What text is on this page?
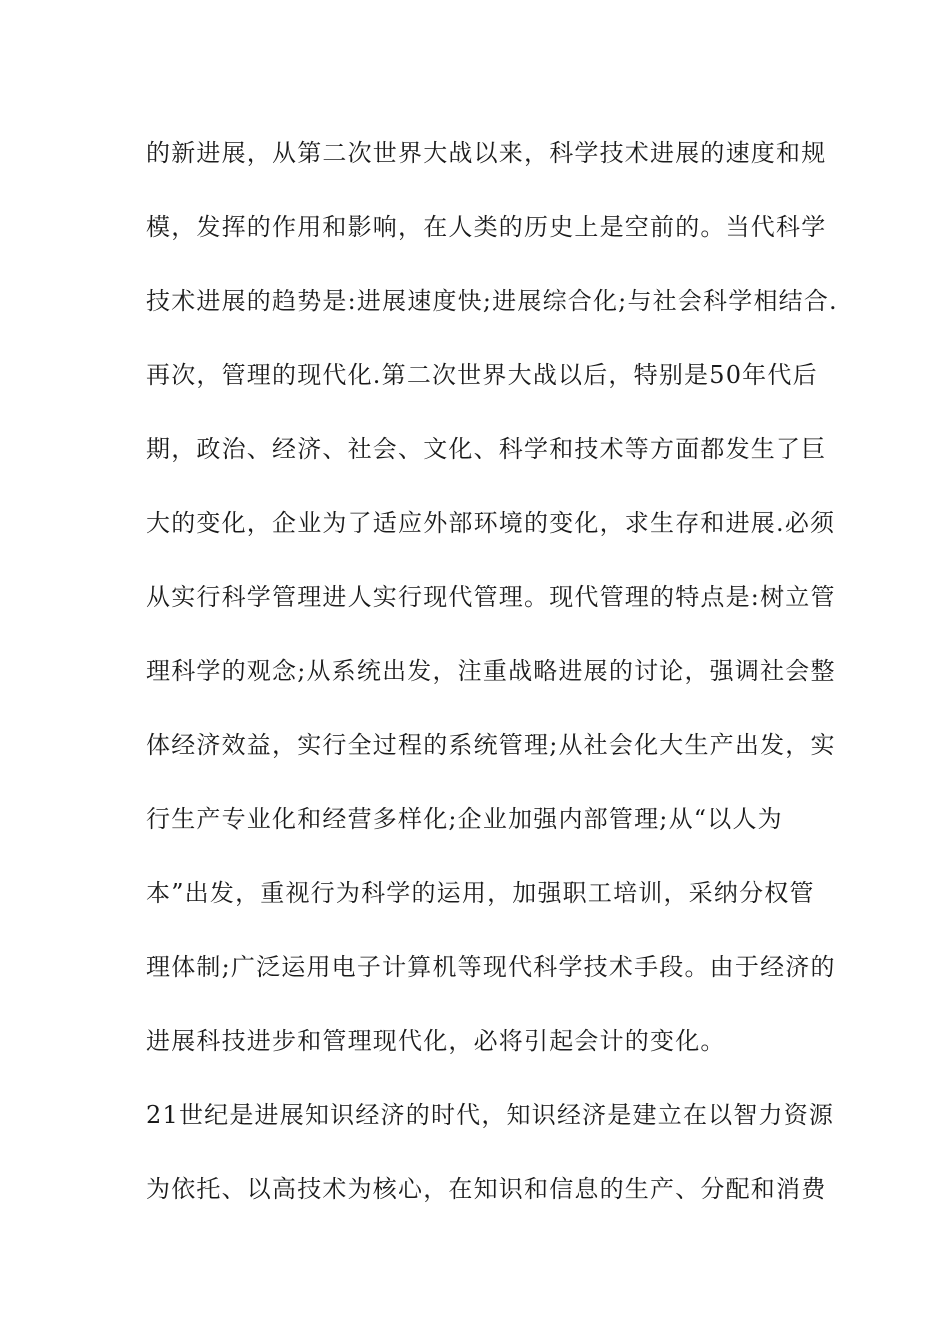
的新进展，从第二次世界大战以来，科学技术进展的速度和规
模，发挥的作用和影响，在人类的历史上是空前的。当代科学
技术进展的趋势是:进展速度快;进展综合化;与社会科学相结合.
再次，管理的现代化.第二次世界大战以后，特别是50年代后
期，政治、经济、社会、文化、科学和技术等方面都发生了巨
大的变化，企业为了适应外部环境的变化，求生存和进展.必须
从实行科学管理进人实行现代管理。现代管理的特点是:树立管
理科学的观念;从系统出发，注重战略进展的讨论，强调社会整
体经济效益，实行全过程的系统管理;从社会化大生产出发，实
行生产专业化和经营多样化;企业加强内部管理;从“以人为
本”出发，重视行为科学的运用，加强职工培训，采纳分权管
理体制;广泛运用电子计算机等现代科学技术手段。由于经济的
进展科技进步和管理现代化，必将引起会计的变化。
21世纪是进展知识经济的时代，知识经济是建立在以智力资源
为依托、以高技术为核心，在知识和信息的生产、分配和消费
